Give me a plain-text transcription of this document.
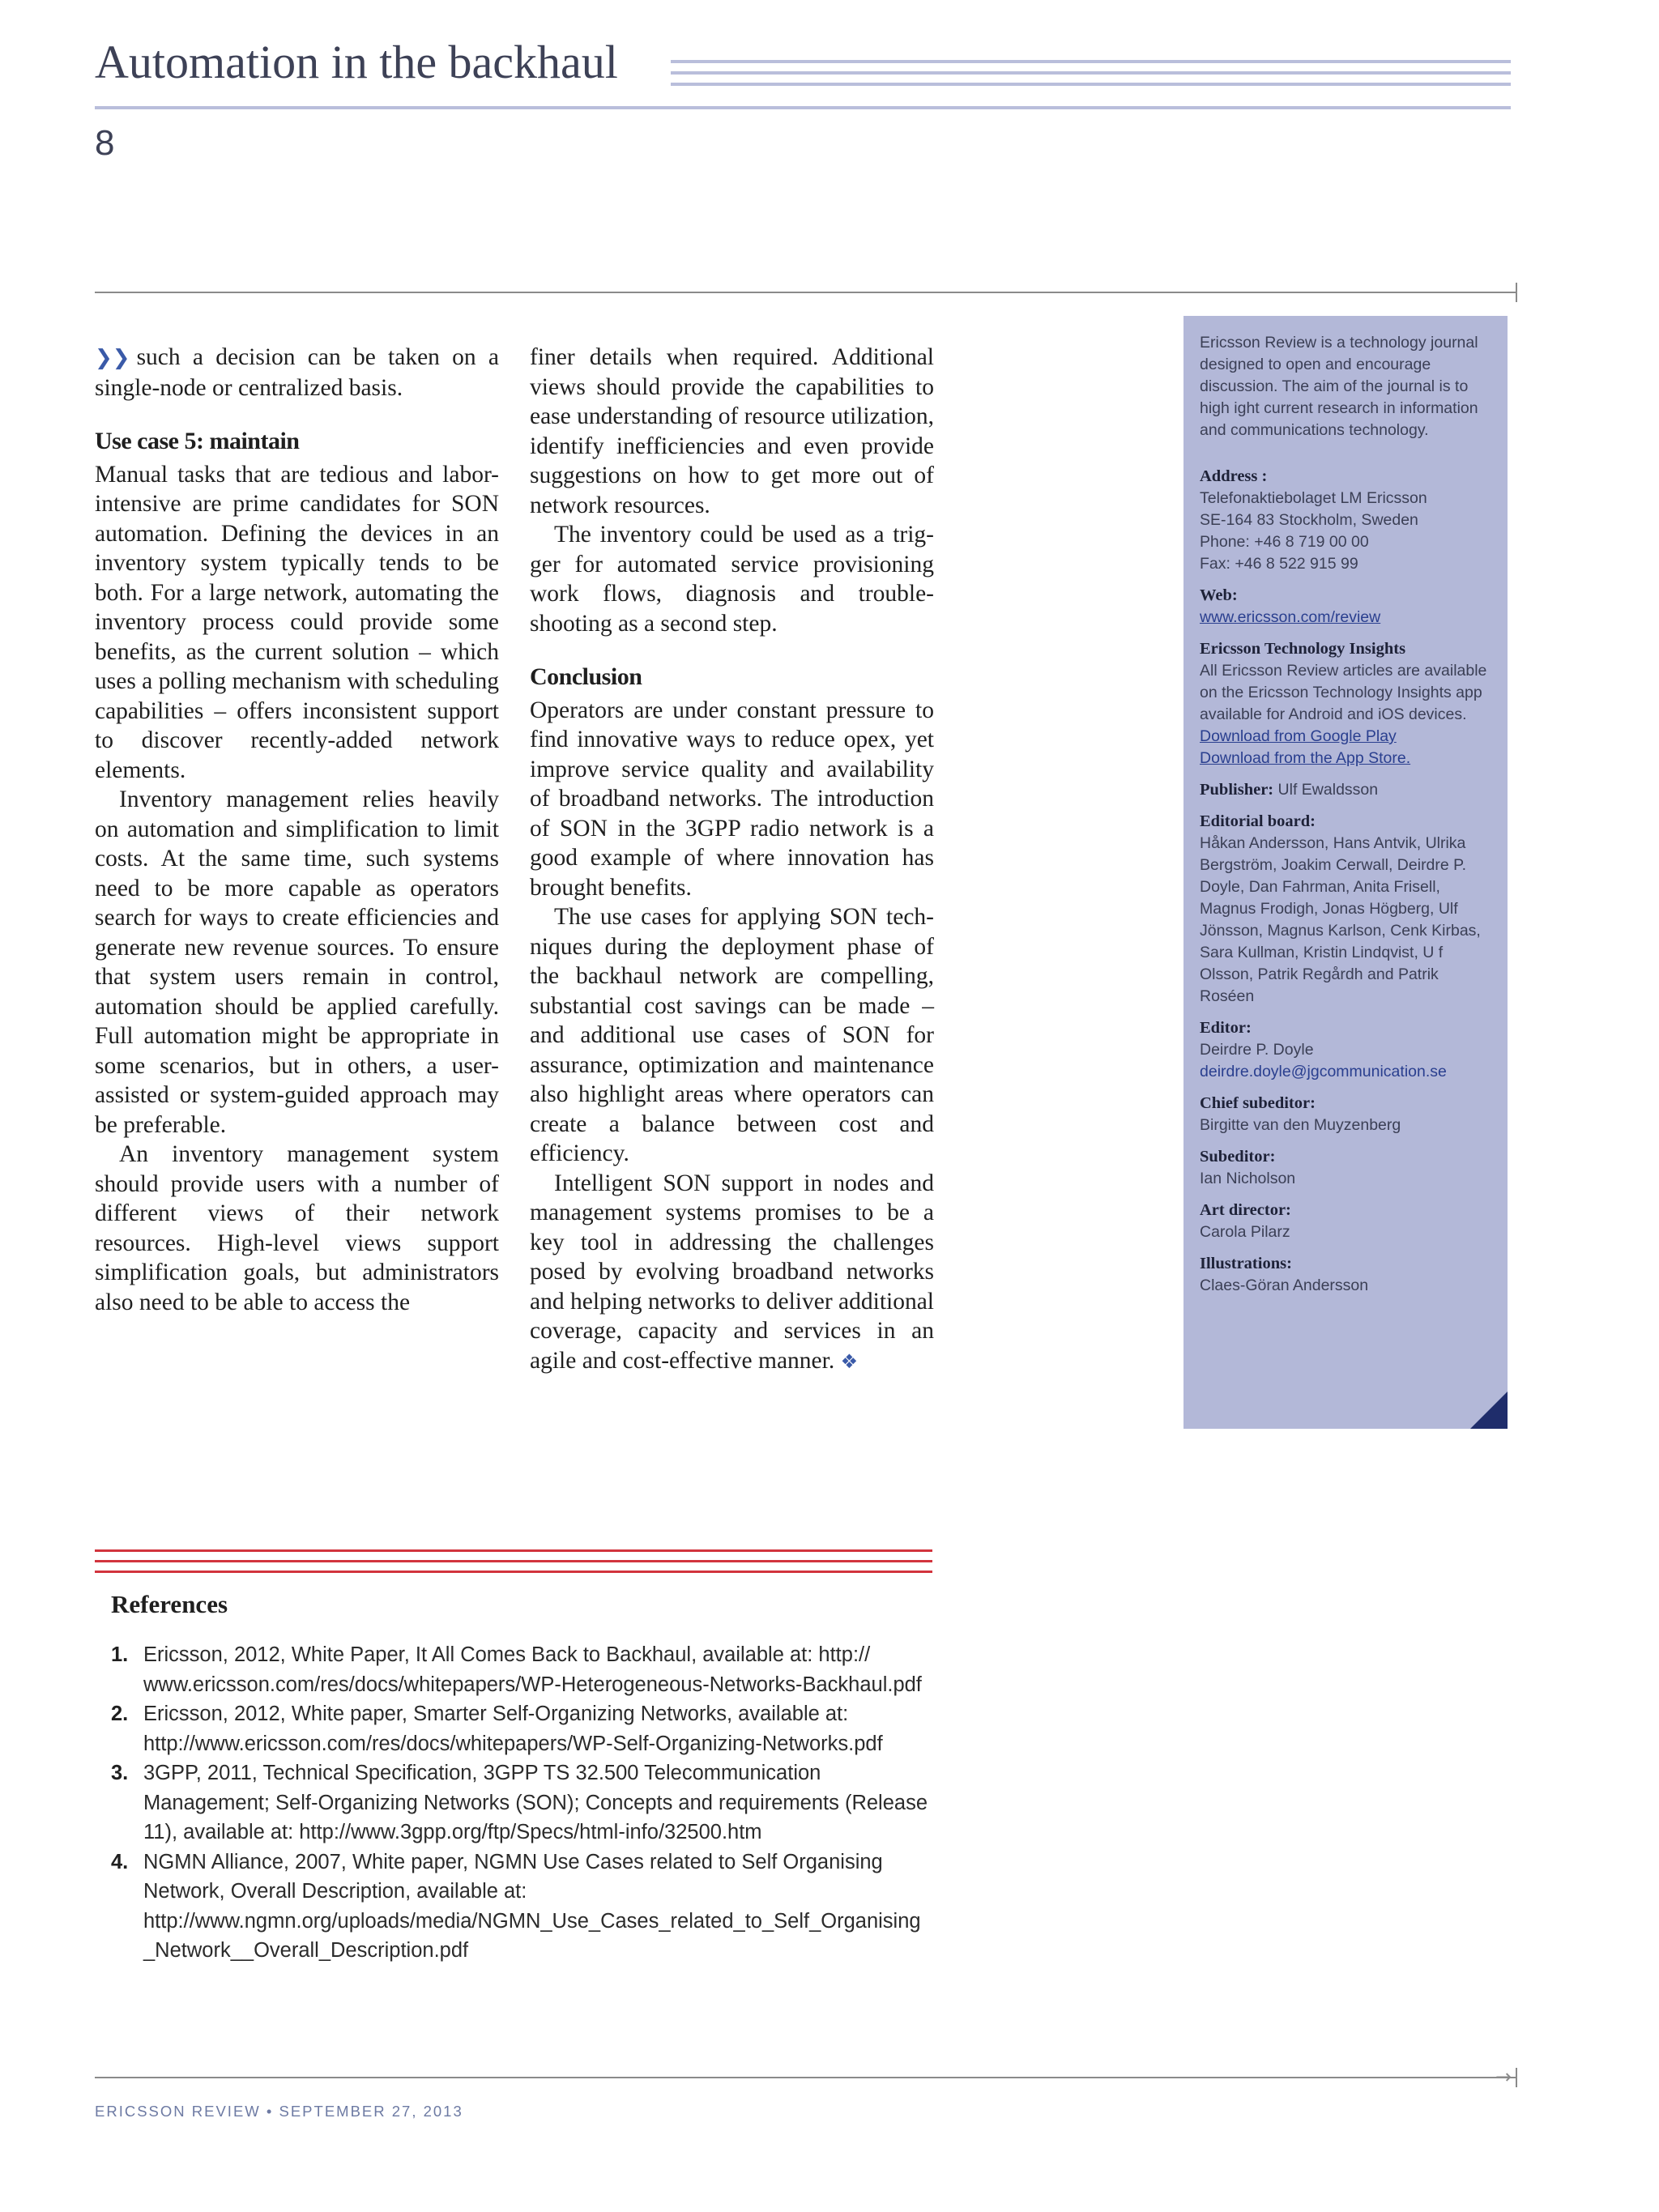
Automation in the backhaul
8

❯❯ such a decision can be taken on a single-node or centralized basis.

Use case 5: maintain

Manual tasks that are tedious and labor-intensive are prime candidates for SON automation. Defining the devices in an inventory system typically tends to be both. For a large network, automating the inventory process could provide some benefits, as the current solution – which uses a polling mechanism with scheduling capabilities – offers inconsistent support to discover recently-added network elements.

Inventory management relies heavily on automation and simplification to limit costs. At the same time, such systems need to be more capable as operators search for ways to create efficiencies and generate new revenue sources. To ensure that system users remain in control, automation should be applied carefully. Full automation might be appropriate in some scenarios, but in others, a user-assisted or system-guided approach may be preferable.

An inventory management system should provide users with a number of different views of their network resources. High-level views support simplification goals, but administrators also need to be able to access the

finer details when required. Additional views should provide the capabilities to ease understanding of resource utilization, identify inefficiencies and even provide suggestions on how to get more out of network resources.

The inventory could be used as a trigger for automated service provisioning work flows, diagnosis and troubleshooting as a second step.

Conclusion

Operators are under constant pressure to find innovative ways to reduce opex, yet improve service quality and availability of broadband networks. The introduction of SON in the 3GPP radio network is a good example of where innovation has brought benefits.

The use cases for applying SON techniques during the deployment phase of the backhaul network are compelling, substantial cost savings can be made – and additional use cases of SON for assurance, optimization and maintenance also highlight areas where operators can create a balance between cost and efficiency.

Intelligent SON support in nodes and management systems promises to be a key tool in addressing the challenges posed by evolving broadband networks and helping networks to deliver additional coverage, capacity and services in an agile and cost-effective manner. ❖

Ericsson Review is a technology journal designed to open and encourage discussion. The aim of the journal is to high ight current research in information and communications technology.
Address :
Telefonaktiebolaget LM Ericsson
SE-164 83 Stockholm, Sweden
Phone: +46 8 719 00 00
Fax: +46 8 522 915 99
Web:
www.ericsson.com/review
Ericsson Technology Insights
All Ericsson Review articles are available on the Ericsson Technology Insights app available for Android and iOS devices.
Download from Google Play
Download from the App Store.
Publisher: Ulf Ewaldsson
Editorial board:
Håkan Andersson, Hans Antvik, Ulrika Bergström, Joakim Cerwall, Deirdre P. Doyle, Dan Fahrman, Anita Frisell, Magnus Frodigh, Jonas Högberg, Ulf Jönsson, Magnus Karlson, Cenk Kirbas, Sara Kullman, Kristin Lindqvist, U f Olsson, Patrik Regårdh and Patrik Roséen
Editor:
Deirdre P. Doyle
deirdre.doyle@jgcommunication.se
Chief subeditor:
Birgitte van den Muyzenberg
Subeditor:
Ian Nicholson
Art director:
Carola Pilarz
Illustrations:
Claes-Göran Andersson
References
1. Ericsson, 2012, White Paper, It All Comes Back to Backhaul, available at: http:// www.ericsson.com/res/docs/whitepapers/WP-Heterogeneous-Networks-Backhaul.pdf
2. Ericsson, 2012, White paper, Smarter Self-Organizing Networks, available at: http://www.ericsson.com/res/docs/whitepapers/WP-Self-Organizing-Networks.pdf
3. 3GPP, 2011, Technical Specification, 3GPP TS 32.500 Telecommunication Management; Self-Organizing Networks (SON); Concepts and requirements (Release 11), available at: http://www.3gpp.org/ftp/Specs/html-info/32500.htm
4. NGMN Alliance, 2007, White paper, NGMN Use Cases related to Self Organising Network, Overall Description, available at: http://www.ngmn.org/uploads/media/NGMN_Use_Cases_related_to_Self_Organising_Network__Overall_Description.pdf
→
ERICSSON REVIEW • SEPTEMBER 27, 2013
